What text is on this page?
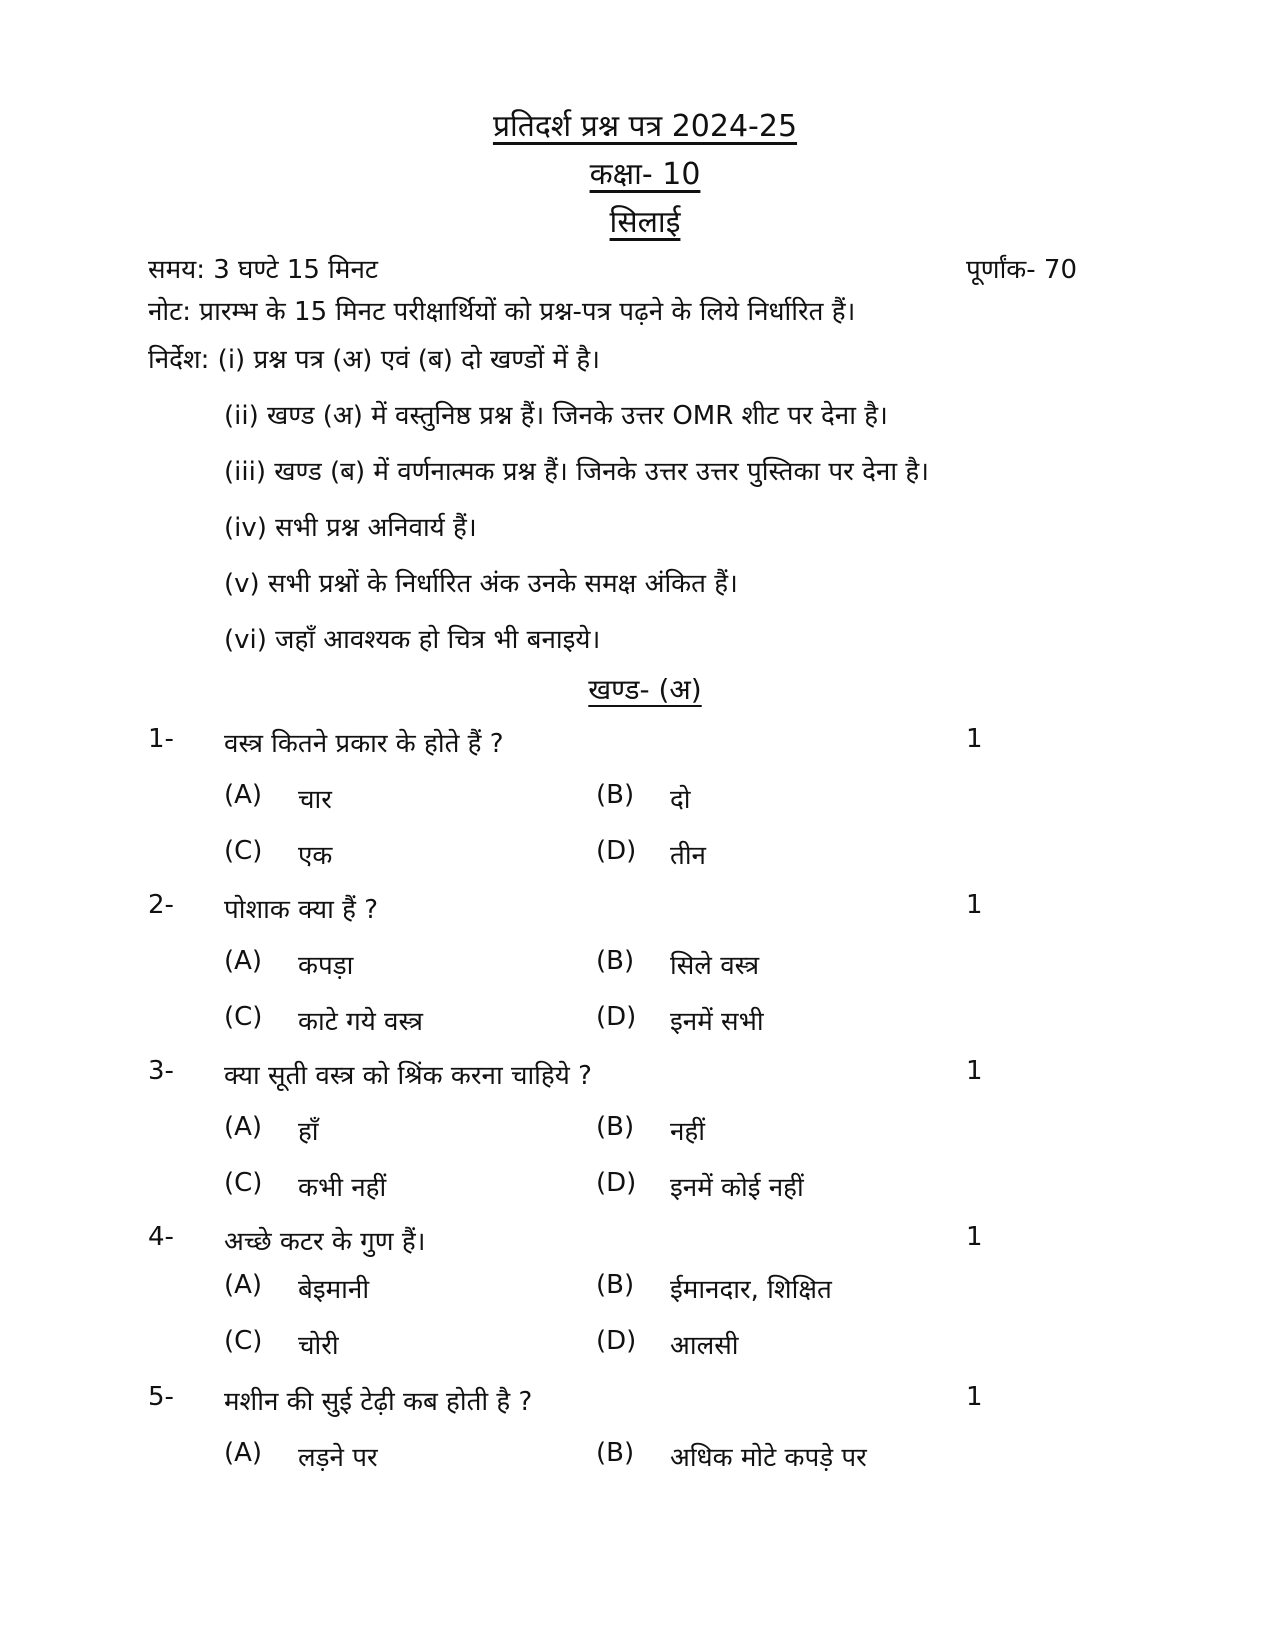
प्रतिदर्श प्रश्न पत्र 2024-25
कक्षा- 10
सिलाई
समय: 3 घण्टे 15 मिनट	पूर्णांक- 70
नोट: प्रारम्भ के 15 मिनट परीक्षार्थियों को प्रश्न-पत्र पढ़ने के लिये निर्धारित हैं।
निर्देश: (i) प्रश्न पत्र (अ) एवं (ब) दो खण्डों में है।
(ii) खण्ड (अ) में वस्तुनिष्ठ प्रश्न हैं। जिनके उत्तर OMR शीट पर देना है।
(iii) खण्ड (ब) में वर्णनात्मक प्रश्न हैं। जिनके उत्तर उत्तर पुस्तिका पर देना है।
(iv) सभी प्रश्न अनिवार्य हैं।
(v) सभी प्रश्नों के निर्धारित अंक उनके समक्ष अंकित हैं।
(vi) जहाँ आवश्यक हो चित्र भी बनाइये।
खण्ड- (अ)
1- वस्त्र कितने प्रकार के होते हैं ?	1
(A) चार	(B) दो
(C) एक	(D) तीन
2- पोशाक क्या हैं ?	1
(A) कपड़ा	(B) सिले वस्त्र
(C) काटे गये वस्त्र	(D) इनमें सभी
3- क्या सूती वस्त्र को श्रिंक करना चाहिये ?	1
(A) हाँ	(B) नहीं
(C) कभी नहीं	(D) इनमें कोई नहीं
4- अच्छे कटर के गुण हैं।	1
(A) बेइमानी	(B) ईमानदार, शिक्षित
(C) चोरी	(D) आलसी
5- मशीन की सुई टेढ़ी कब होती है ?	1
(A) लड़ने पर	(B) अधिक मोटे कपड़े पर
